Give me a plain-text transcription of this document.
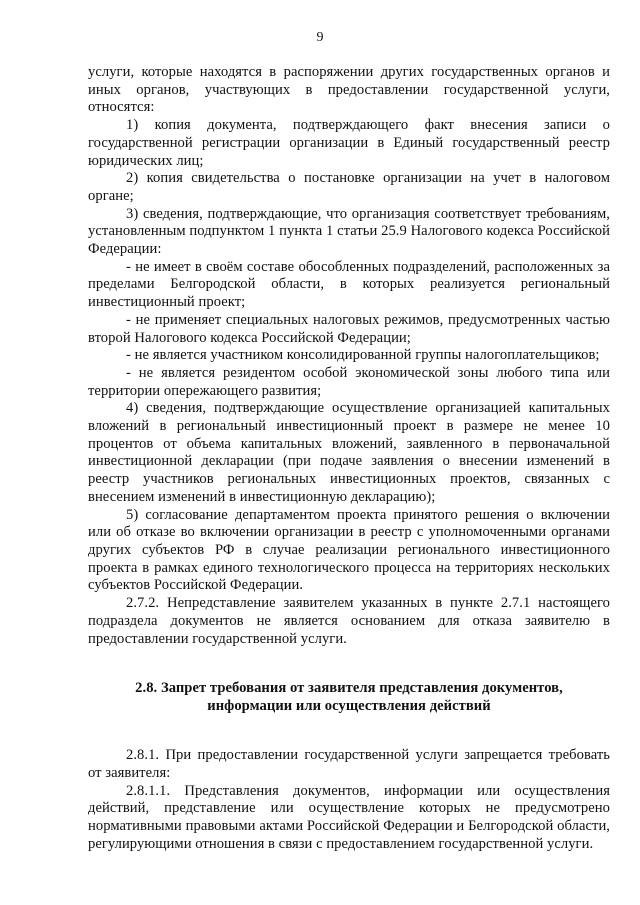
9

услуги, которые находятся в распоряжении других государственных органов и иных органов, участвующих в предоставлении государственной услуги, относятся:

1) копия документа, подтверждающего факт внесения записи о государственной регистрации организации в Единый государственный реестр юридических лиц;

2) копия свидетельства о постановке организации на учет в налоговом органе;

3) сведения, подтверждающие, что организация соответствует требованиям, установленным подпунктом 1 пункта 1 статьи 25.9 Налогового кодекса Российской Федерации:

- не имеет в своём составе обособленных подразделений, расположенных за пределами Белгородской области, в которых реализуется региональный инвестиционный проект;

- не применяет специальных налоговых режимов, предусмотренных частью второй Налогового кодекса Российской Федерации;

- не является участником консолидированной группы налогоплательщиков;

- не является резидентом особой экономической зоны любого типа или территории опережающего развития;

4) сведения, подтверждающие осуществление организацией капитальных вложений в региональный инвестиционный проект в размере не менее 10 процентов от объема капитальных вложений, заявленного в первоначальной инвестиционной декларации (при подаче заявления о внесении изменений в реестр участников региональных инвестиционных проектов, связанных с внесением изменений в инвестиционную декларацию);

5) согласование департаментом проекта принятого решения о включении или об отказе во включении организации в реестр с уполномоченными органами других субъектов РФ в случае реализации регионального инвестиционного проекта в рамках единого технологического процесса на территориях нескольких субъектов Российской Федерации.

2.7.2. Непредставление заявителем указанных в пункте 2.7.1 настоящего подраздела документов не является основанием для отказа заявителю в предоставлении государственной услуги.

2.8. Запрет требования от заявителя представления документов,
информации или осуществления действий

2.8.1. При предоставлении государственной услуги запрещается требовать от заявителя:

2.8.1.1. Представления документов, информации или осуществления действий, представление или осуществление которых не предусмотрено нормативными правовыми актами Российской Федерации и Белгородской области, регулирующими отношения в связи с предоставлением государственной услуги.
